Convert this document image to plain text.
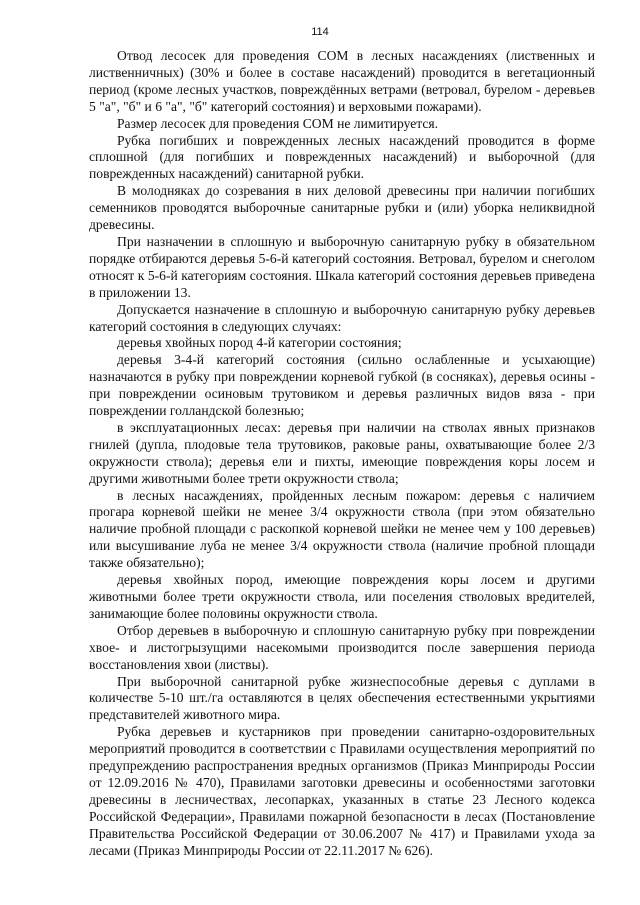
114

Отвод лесосек для проведения СОМ в лесных насаждениях (лиственных и лиственничных) (30% и более в составе насаждений) проводится в вегетационный период (кроме лесных участков, повреждённых ветрами (ветровал, бурелом - деревьев 5 "а", "б" и 6 "а", "б" категорий состояния) и верховыми пожарами).

Размер лесосек для проведения СОМ не лимитируется.

Рубка погибших и поврежденных лесных насаждений проводится в форме сплошной (для погибших и поврежденных насаждений) и выборочной (для поврежденных насаждений) санитарной рубки.

В молодняках до созревания в них деловой древесины при наличии погибших семенников проводятся выборочные санитарные рубки и (или) уборка неликвидной древесины.

При назначении в сплошную и выборочную санитарную рубку в обязательном порядке отбираются деревья 5-6-й категорий состояния. Ветровал, бурелом и снеголом относят к 5-6-й категориям состояния. Шкала категорий состояния деревьев приведена в приложении 13.

Допускается назначение в сплошную и выборочную санитарную рубку деревьев категорий состояния в следующих случаях:

деревья хвойных пород 4-й категории состояния;

деревья 3-4-й категорий состояния (сильно ослабленные и усыхающие) назначаются в рубку при повреждении корневой губкой (в сосняках), деревья осины - при повреждении осиновым трутовиком и деревья различных видов вяза - при повреждении голландской болезнью;

в эксплуатационных лесах: деревья при наличии на стволах явных признаков гнилей (дупла, плодовые тела трутовиков, раковые раны, охватывающие более 2/3 окружности ствола); деревья ели и пихты, имеющие повреждения коры лосем и другими животными более трети окружности ствола;

в лесных насаждениях, пройденных лесным пожаром: деревья с наличием прогара корневой шейки не менее 3/4 окружности ствола (при этом обязательно наличие пробной площади с раскопкой корневой шейки не менее чем у 100 деревьев) или высушивание луба не менее 3/4 окружности ствола (наличие пробной площади также обязательно);

деревья хвойных пород, имеющие повреждения коры лосем и другими животными более трети окружности ствола, или поселения стволовых вредителей, занимающие более половины окружности ствола.

Отбор деревьев в выборочную и сплошную санитарную рубку при повреждении хвое- и листогрызущими насекомыми производится после завершения периода восстановления хвои (листвы).

При выборочной санитарной рубке жизнеспособные деревья с дуплами в количестве 5-10 шт./га оставляются в целях обеспечения естественными укрытиями представителей животного мира.

Рубка деревьев и кустарников при проведении санитарно-оздоровительных мероприятий проводится в соответствии с Правилами осуществления мероприятий по предупреждению распространения вредных организмов (Приказ Минприроды России от 12.09.2016 № 470), Правилами заготовки древесины и особенностями заготовки древесины в лесничествах, лесопарках, указанных в статье 23 Лесного кодекса Российской Федерации», Правилами пожарной безопасности в лесах (Постановление Правительства Российской Федерации от 30.06.2007 № 417) и Правилами ухода за лесами (Приказ Минприроды России от 22.11.2017 № 626).
